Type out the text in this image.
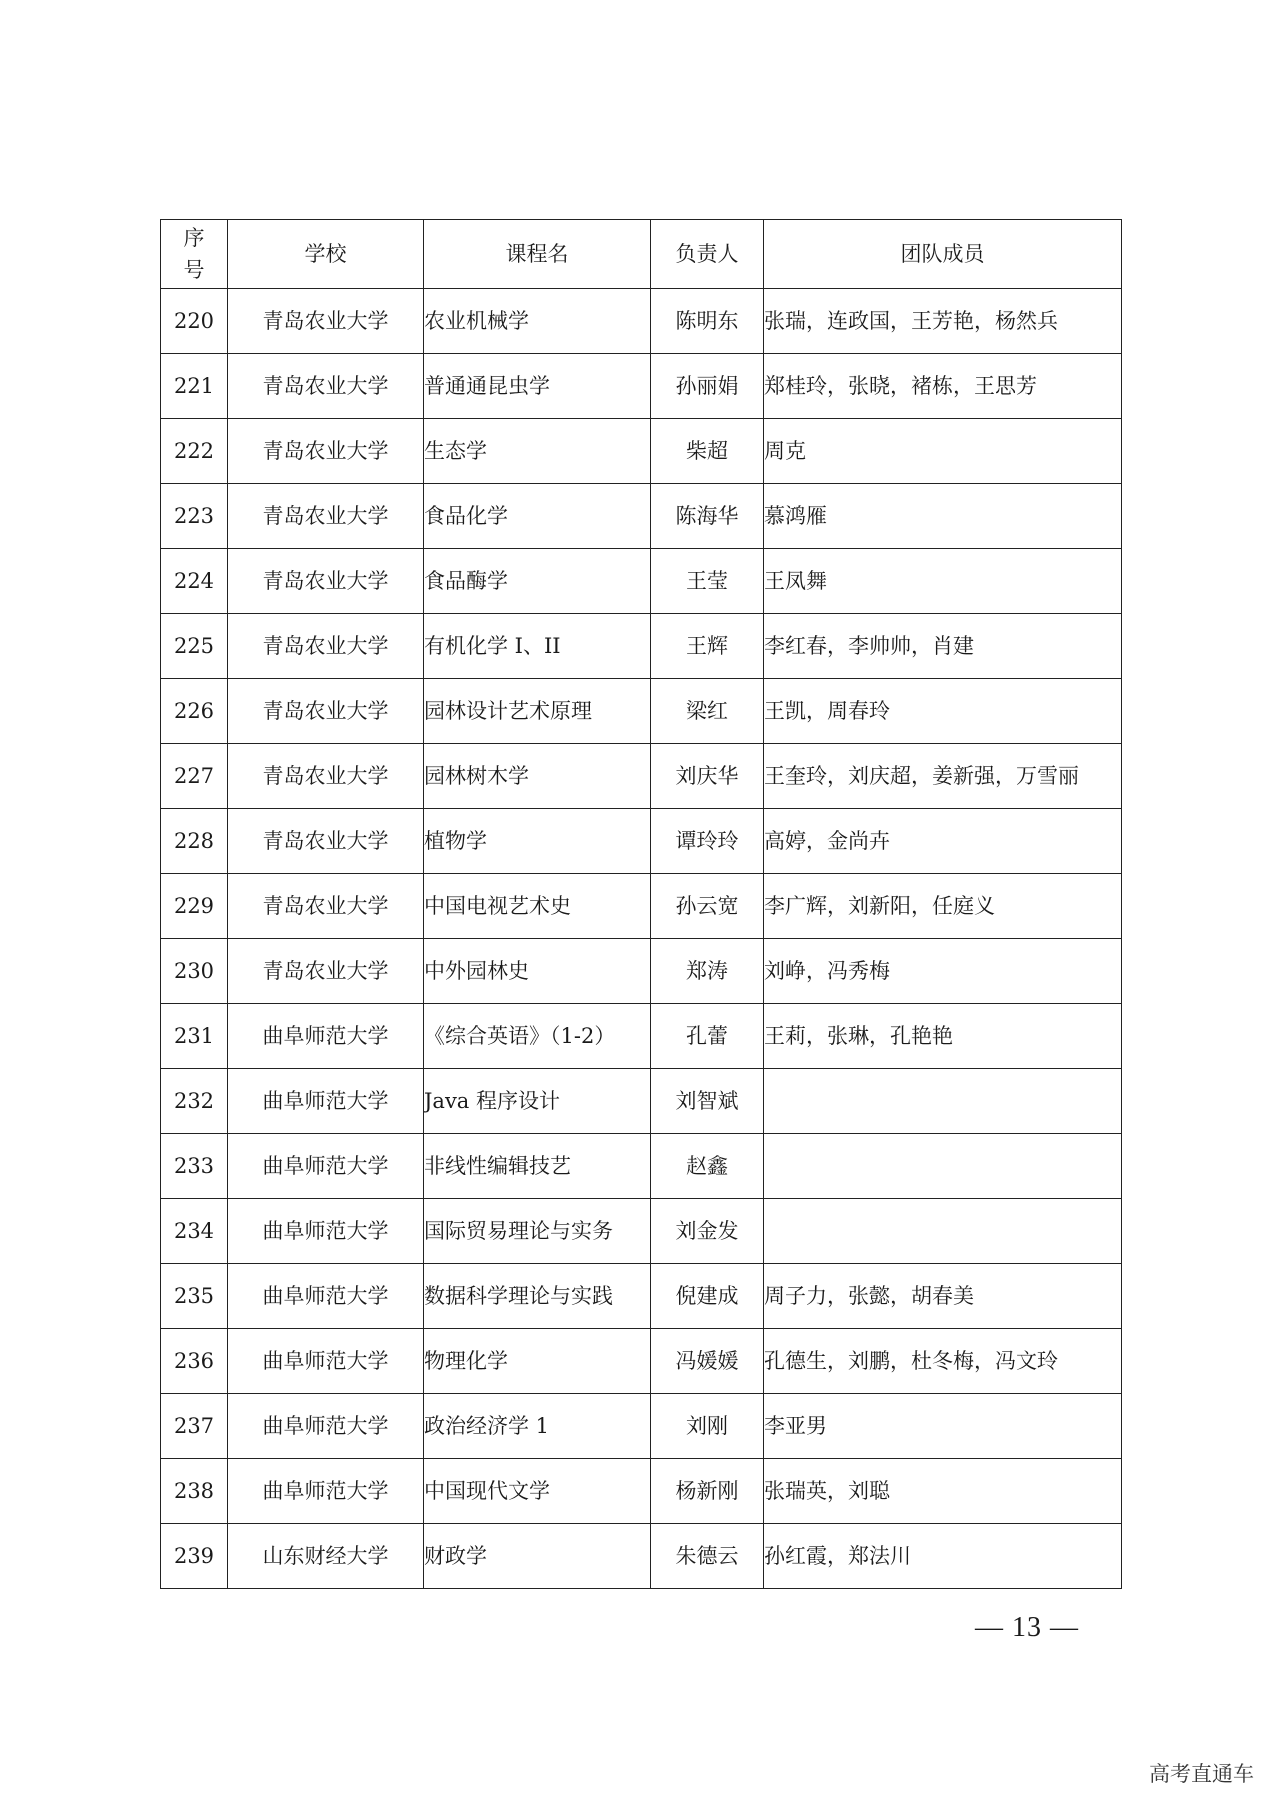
序
号	学校	课程名	负责人	团队成员
220	青岛农业大学	农业机械学	陈明东	张瑞，连政国，王芳艳，杨然兵
221	青岛农业大学	普通通昆虫学	孙丽娟	郑桂玲，张晓，褚栋，王思芳
222	青岛农业大学	生态学	柴超	周克
223	青岛农业大学	食品化学	陈海华	慕鸿雁
224	青岛农业大学	食品酶学	王莹	王凤舞
225	青岛农业大学	有机化学 I、II	王辉	李红春，李帅帅，肖建
226	青岛农业大学	园林设计艺术原理	梁红	王凯，周春玲
227	青岛农业大学	园林树木学	刘庆华	王奎玲，刘庆超，姜新强，万雪丽
228	青岛农业大学	植物学	谭玲玲	高婷，金尚卉
229	青岛农业大学	中国电视艺术史	孙云宽	李广辉，刘新阳，任庭义
230	青岛农业大学	中外园林史	郑涛	刘峥，冯秀梅
231	曲阜师范大学	《综合英语》（1-2）	孔蕾	王莉，张琳，孔艳艳
232	曲阜师范大学	Java 程序设计	刘智斌	
233	曲阜师范大学	非线性编辑技艺	赵鑫	
234	曲阜师范大学	国际贸易理论与实务	刘金发	
235	曲阜师范大学	数据科学理论与实践	倪建成	周子力，张懿，胡春美
236	曲阜师范大学	物理化学	冯媛媛	孔德生，刘鹏，杜冬梅，冯文玲
237	曲阜师范大学	政治经济学 1	刘刚	李亚男
238	曲阜师范大学	中国现代文学	杨新刚	张瑞英，刘聪
239	山东财经大学	财政学	朱德云	孙红霞，郑法川
— 13 —
高考直通车
